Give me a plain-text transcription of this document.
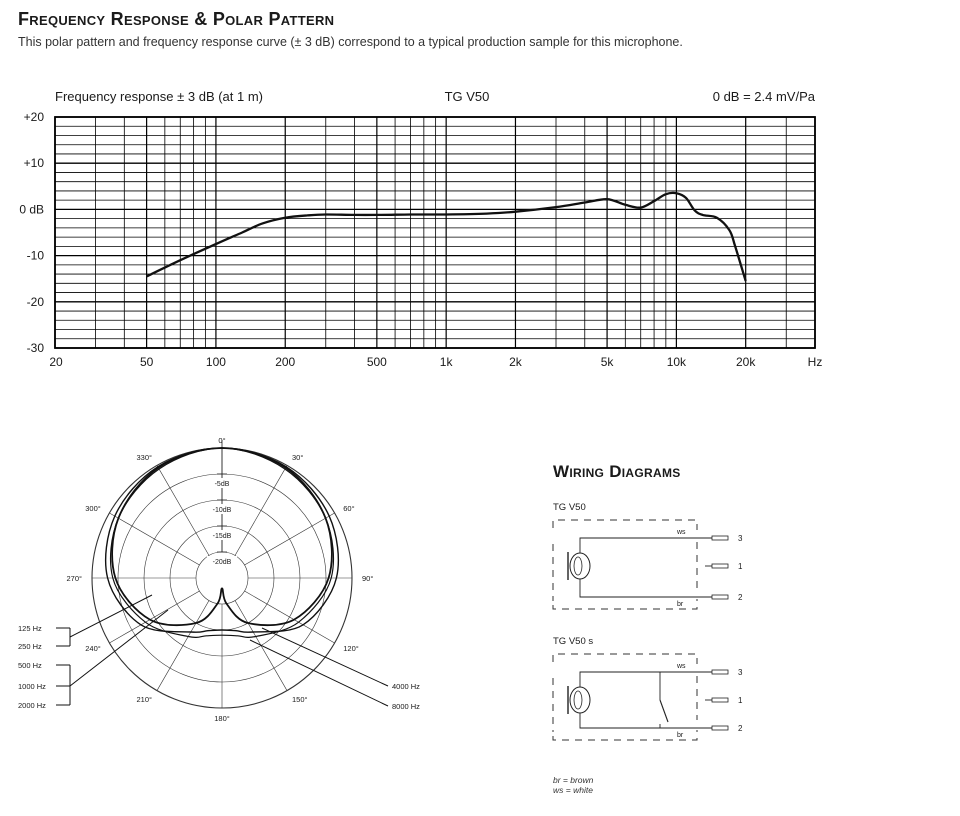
Frequency Response & Polar Pattern

This polar pattern and frequency response curve (± 3 dB) correspond to a typical production sample for this microphone.

+20
+10
0 dB
-10
-20
-30
20	50	100	200	500	1k	2k	5k	10k	20k	Hz
Frequency response ± 3 dB (at 1 m)	TG V50	0 dB = 2.4 mV/Pa
-5dB
-10dB
-15dB
-20dB
0°
30°
60°
90°
120°
150°
180°
210°
240°
270°
300°
330°
125 Hz
250 Hz
500 Hz
1000 Hz
2000 Hz
4000 Hz
8000 Hz
Wiring Diagrams
TG V50
3
1
2
ws
br
TG V50 s
3
1
2
ws
br
br = brown
ws = white
